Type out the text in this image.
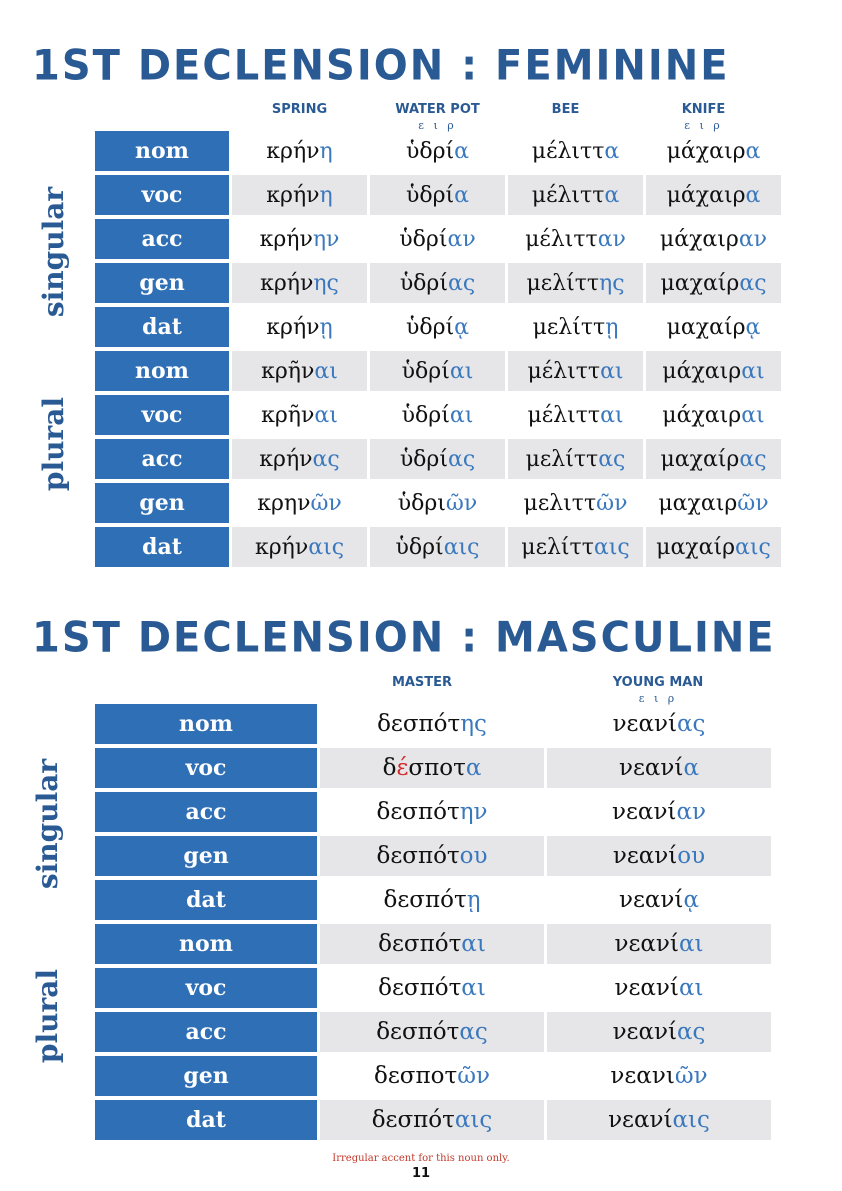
1ST DECLENSION : FEMININE
SPRING	WATER POT
ε ι ρ
BEE	KNIFE
ε ι ρ
singular
plural
nom	κρήνη	ὑδρία	μέλιττα	μάχαιρα
voc	κρήνη	ὑδρία	μέλιττα	μάχαιρα
acc	κρήνην	ὑδρίαν	μέλιτταν	μάχαιραν
gen	κρήνης	ὑδρίας	μελίττης	μαχαίρας
dat	κρήνῃ	ὑδρίᾳ	μελίττῃ	μαχαίρᾳ
nom	κρῆναι	ὑδρίαι	μέλιτται	μάχαιραι
voc	κρῆναι	ὑδρίαι	μέλιτται	μάχαιραι
acc	κρήνας	ὑδρίας	μελίττας	μαχαίρας
gen	κρηνῶν	ὑδριῶν	μελιττῶν	μαχαιρῶν
dat	κρήναις	ὑδρίαις	μελίτταις	μαχαίραις
1ST DECLENSION : MASCULINE
MASTER	YOUNG MAN
ε ι ρ
singular
plural
nom	δεσπότης	νεανίας
voc	δέσποτα	νεανία
acc	δεσπότην	νεανίαν
gen	δεσπότου	νεανίου
dat	δεσπότῃ	νεανίᾳ
nom	δεσπόται	νεανίαι
voc	δεσπόται	νεανίαι
acc	δεσπότας	νεανίας
gen	δεσποτῶν	νεανιῶν
dat	δεσπόταις	νεανίαις
Irregular accent for this noun only.
11
